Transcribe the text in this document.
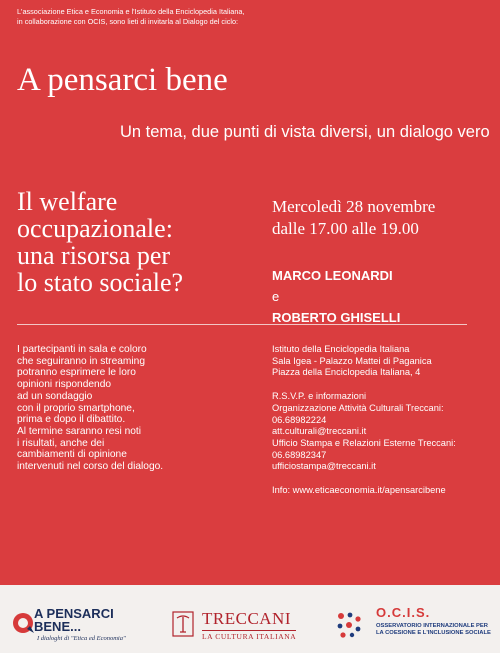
L'associazione Etica e Economia e l'Istituto della Enciclopedia Italiana,
in collaborazione con OCIS, sono lieti di invitarla al Dialogo del ciclo:
A pensarci bene
Un tema, due punti di vista diversi, un dialogo vero
Il welfare
occupazionale:
una risorsa per
lo stato sociale?
Mercoledì 28 novembre
dalle 17.00 alle 19.00
MARCO LEONARDI
e
ROBERTO GHISELLI
I partecipanti in sala e coloro
che seguiranno in streaming
potranno esprimere le loro
opinioni rispondendo
ad un sondaggio
con il proprio smartphone,
prima e dopo il dibattito.
Al termine saranno resi noti
i risultati, anche dei
cambiamenti di opinione
intervenuti nel corso del dialogo.
Istituto della Enciclopedia Italiana
Sala Igea - Palazzo Mattei di Paganica
Piazza della Enciclopedia Italiana, 4
R.S.V.P. e informazioni
Organizzazione Attività Culturali Treccani:
06.68982224
att.culturali@treccani.it
Ufficio Stampa e Relazioni Esterne Treccani:
06.68982347
ufficiostampa@treccani.it
Info: www.eticaeconomia.it/apensarcibene
A PENSARCI
BENE...
I dialoghi di "Etica ed Economia"
TRECCANI
LA CULTURA ITALIANA
O.C.I.S.
OSSERVATORIO INTERNAZIONALE PER
LA COESIONE E L'INCLUSIONE SOCIALE
